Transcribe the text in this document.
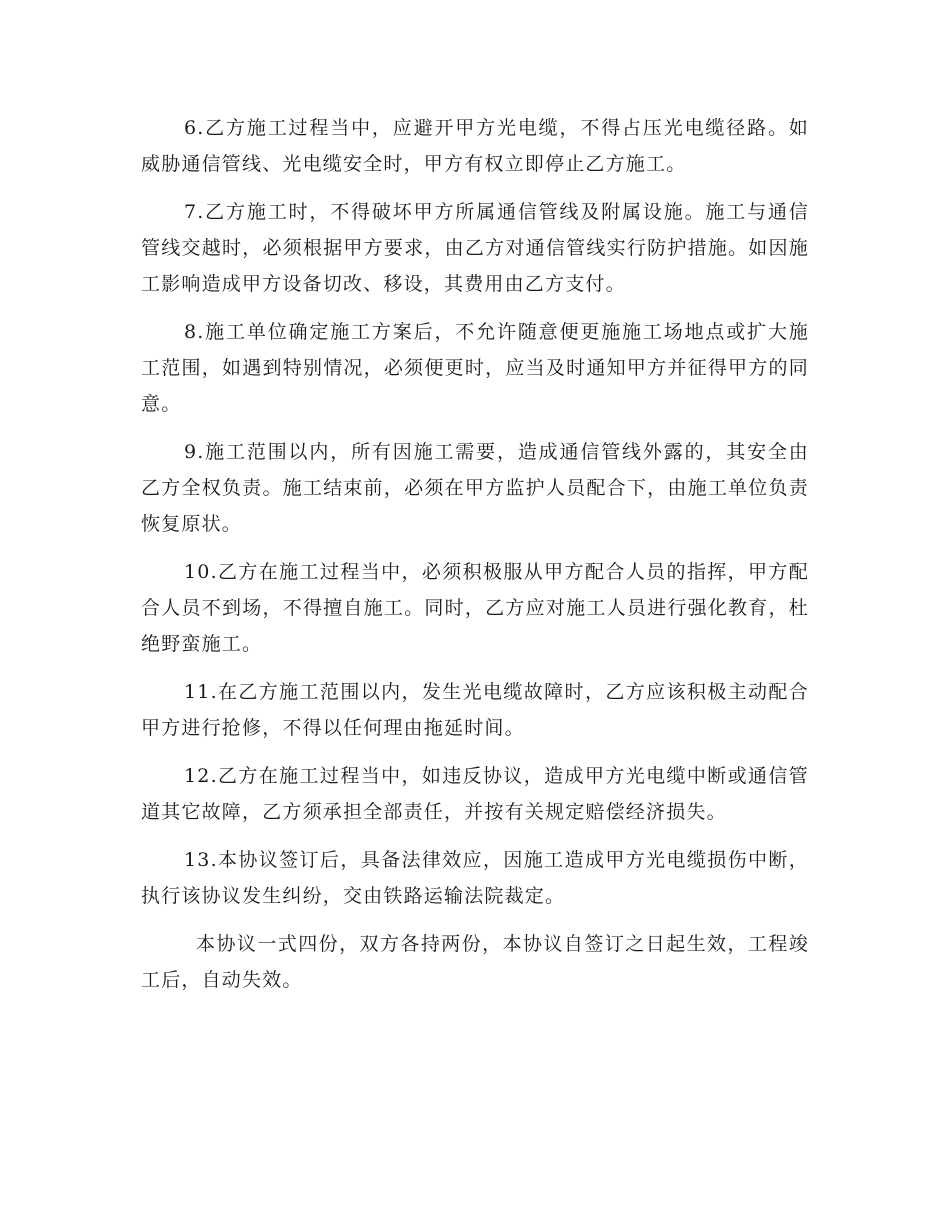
6.乙方施工过程当中，应避开甲方光电缆，不得占压光电缆径路。如威胁通信管线、光电缆安全时，甲方有权立即停止乙方施工。

7.乙方施工时，不得破坏甲方所属通信管线及附属设施。施工与通信管线交越时，必须根据甲方要求，由乙方对通信管线实行防护措施。如因施工影响造成甲方设备切改、移设，其费用由乙方支付。

8.施工单位确定施工方案后，不允许随意便更施施工场地点或扩大施工范围，如遇到特别情况，必须便更时，应当及时通知甲方并征得甲方的同意。

9.施工范围以内，所有因施工需要，造成通信管线外露的，其安全由乙方全权负责。施工结束前，必须在甲方监护人员配合下，由施工单位负责恢复原状。

10.乙方在施工过程当中，必须积极服从甲方配合人员的指挥，甲方配合人员不到场，不得擅自施工。同时，乙方应对施工人员进行强化教育，杜绝野蛮施工。

11.在乙方施工范围以内，发生光电缆故障时，乙方应该积极主动配合甲方进行抢修，不得以任何理由拖延时间。

12.乙方在施工过程当中，如违反协议，造成甲方光电缆中断或通信管道其它故障，乙方须承担全部责任，并按有关规定赔偿经济损失。

13.本协议签订后，具备法律效应，因施工造成甲方光电缆损伤中断，执行该协议发生纠纷，交由铁路运输法院裁定。

本协议一式四份，双方各持两份，本协议自签订之日起生效，工程竣工后，自动失效。
